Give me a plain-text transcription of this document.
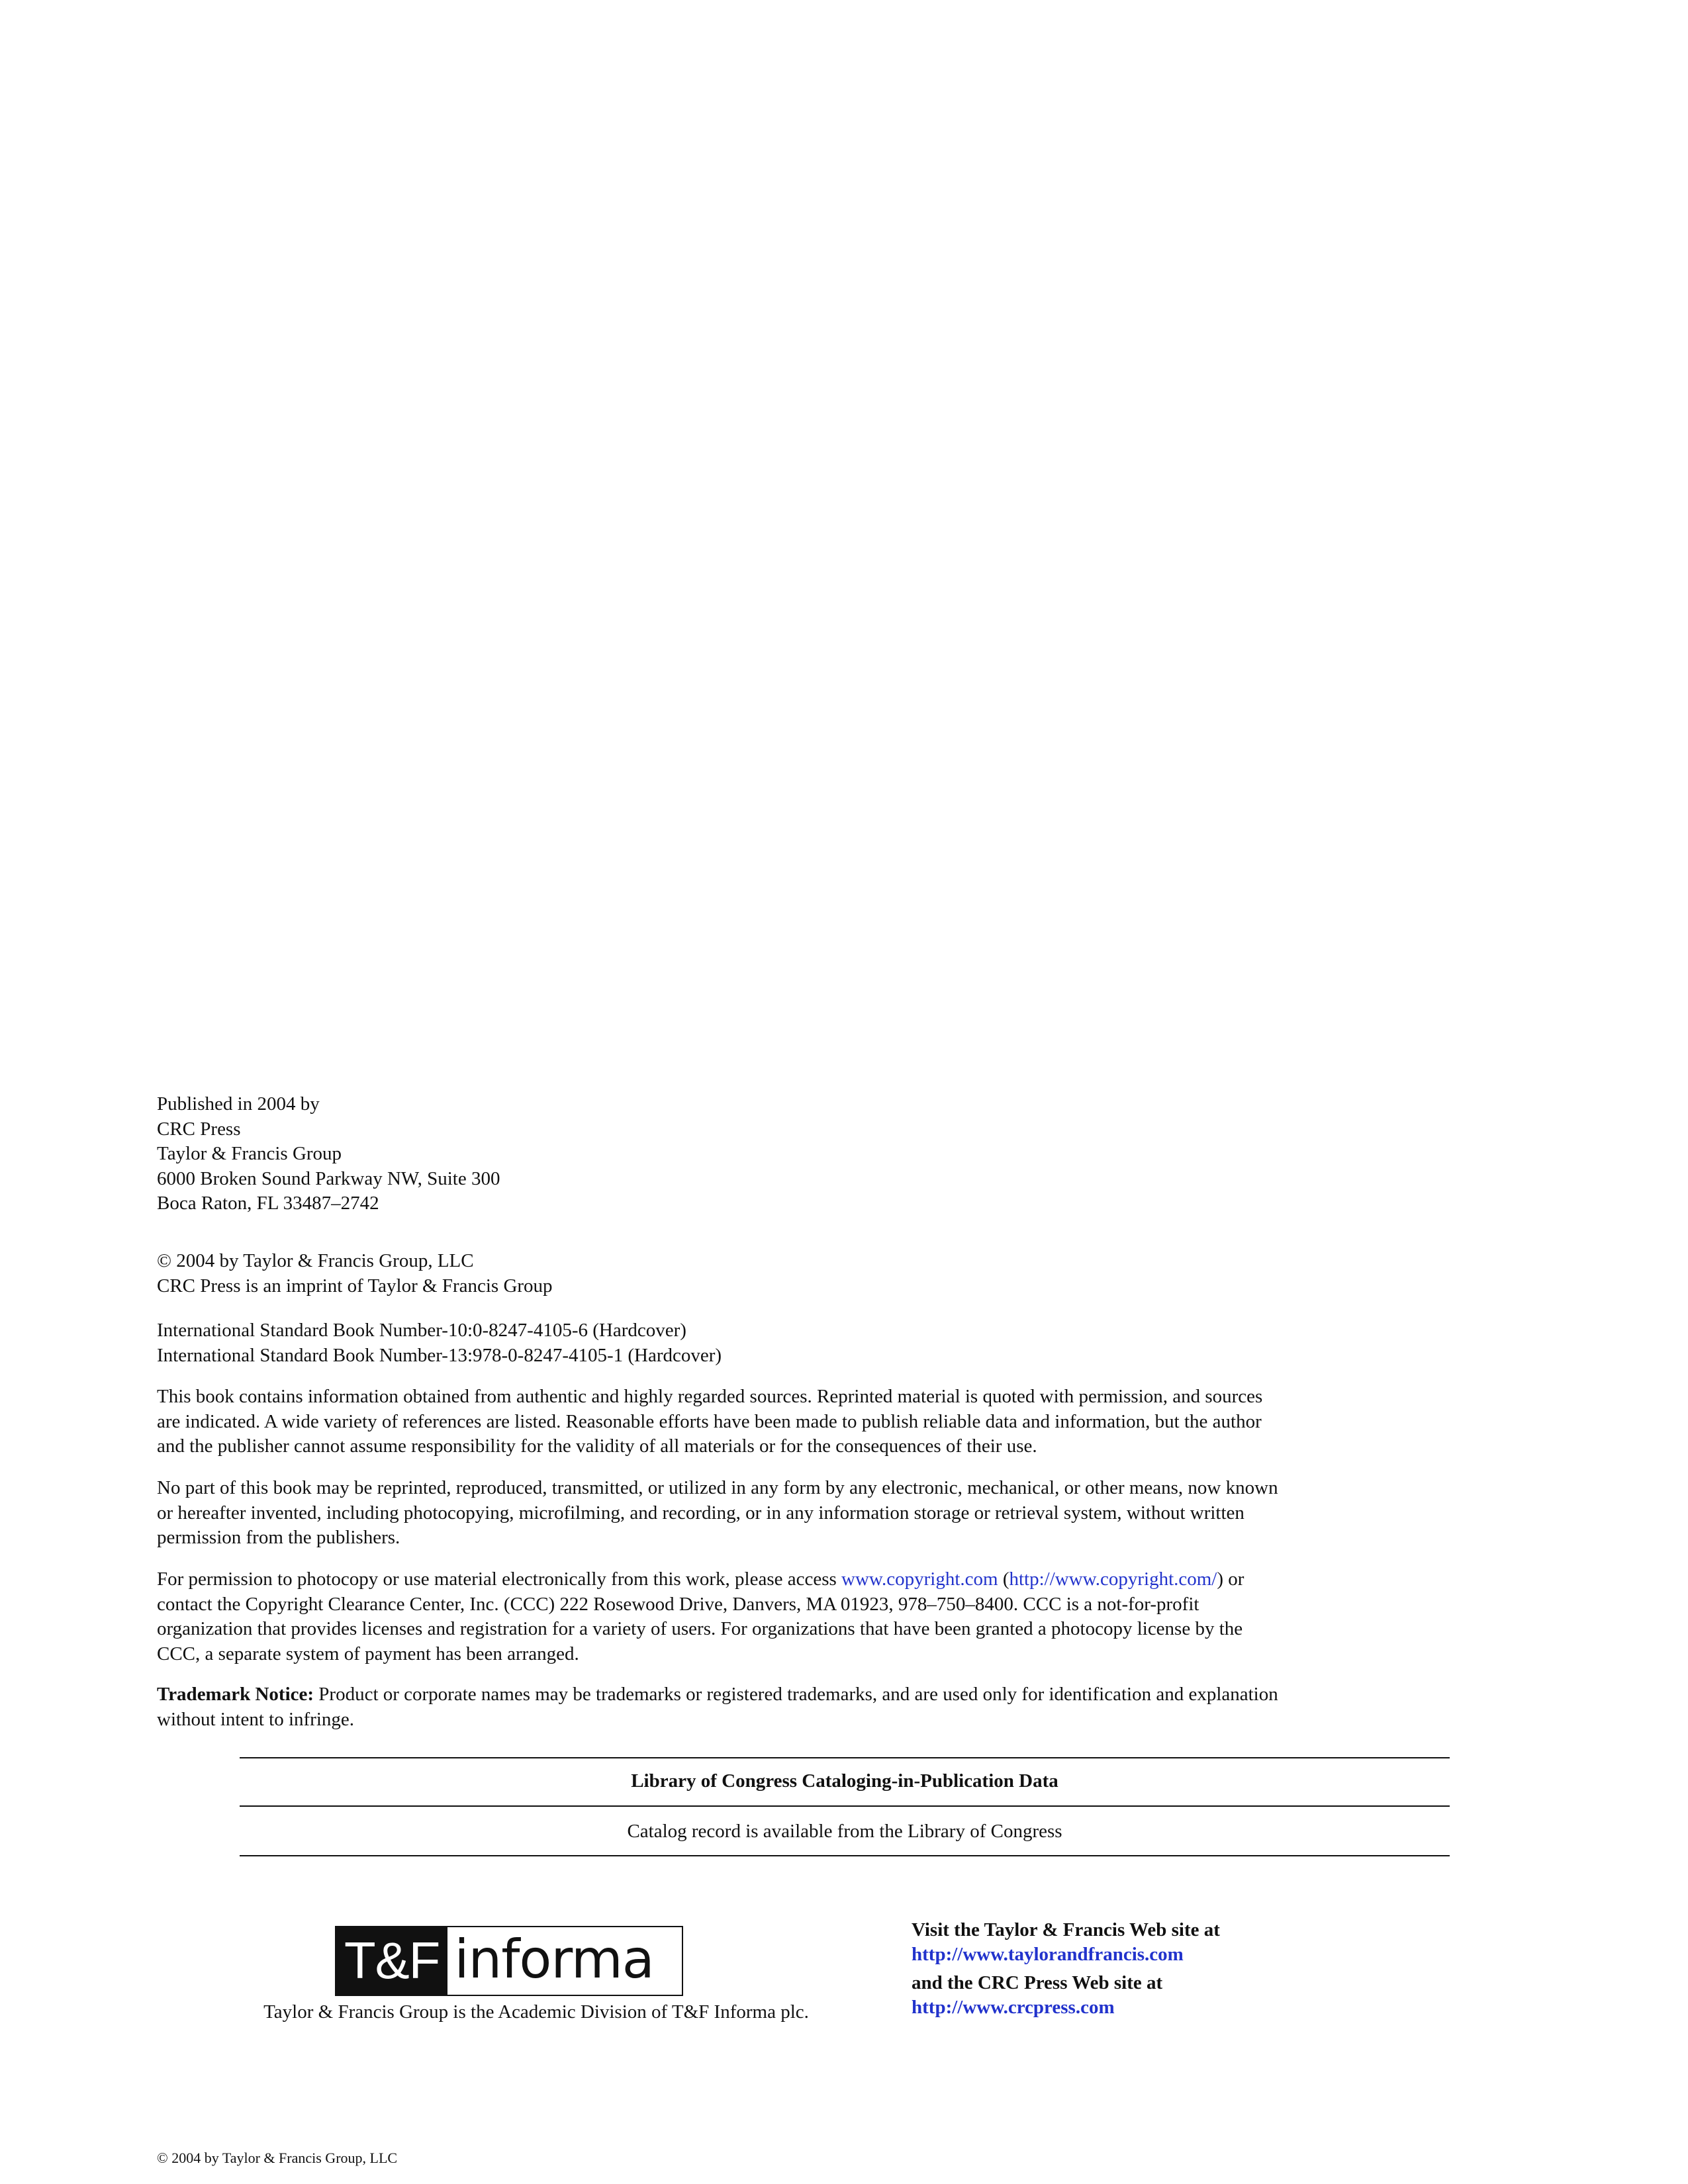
Published in 2004 by
CRC Press
Taylor & Francis Group
6000 Broken Sound Parkway NW, Suite 300
Boca Raton, FL 33487–2742
© 2004 by Taylor & Francis Group, LLC
CRC Press is an imprint of Taylor & Francis Group
International Standard Book Number-10:0-8247-4105-6 (Hardcover)
International Standard Book Number-13:978-0-8247-4105-1 (Hardcover)
This book contains information obtained from authentic and highly regarded sources. Reprinted material is quoted with permission, and sources
are indicated. A wide variety of references are listed. Reasonable efforts have been made to publish reliable data and information, but the author
and the publisher cannot assume responsibility for the validity of all materials or for the consequences of their use.
No part of this book may be reprinted, reproduced, transmitted, or utilized in any form by any electronic, mechanical, or other means, now known
or hereafter invented, including photocopying, microfilming, and recording, or in any information storage or retrieval system, without written
permission from the publishers.
For permission to photocopy or use material electronically from this work, please access www.copyright.com (http://www.copyright.com/) or
contact the Copyright Clearance Center, Inc. (CCC) 222 Rosewood Drive, Danvers, MA 01923, 978–750–8400. CCC is a not-for-profit
organization that provides licenses and registration for a variety of users. For organizations that have been granted a photocopy license by the
CCC, a separate system of payment has been arranged.
Trademark Notice: Product or corporate names may be trademarks or registered trademarks, and are used only for identification and explanation
without intent to infringe.
Library of Congress Cataloging-in-Publication Data
Catalog record is available from the Library of Congress
T&F informa
Taylor & Francis Group is the Academic Division of T&F Informa plc.
Visit the Taylor & Francis Web site at
http://www.taylorandfrancis.com
and the CRC Press Web site at
http://www.crcpress.com
© 2004 by Taylor & Francis Group, LLC
